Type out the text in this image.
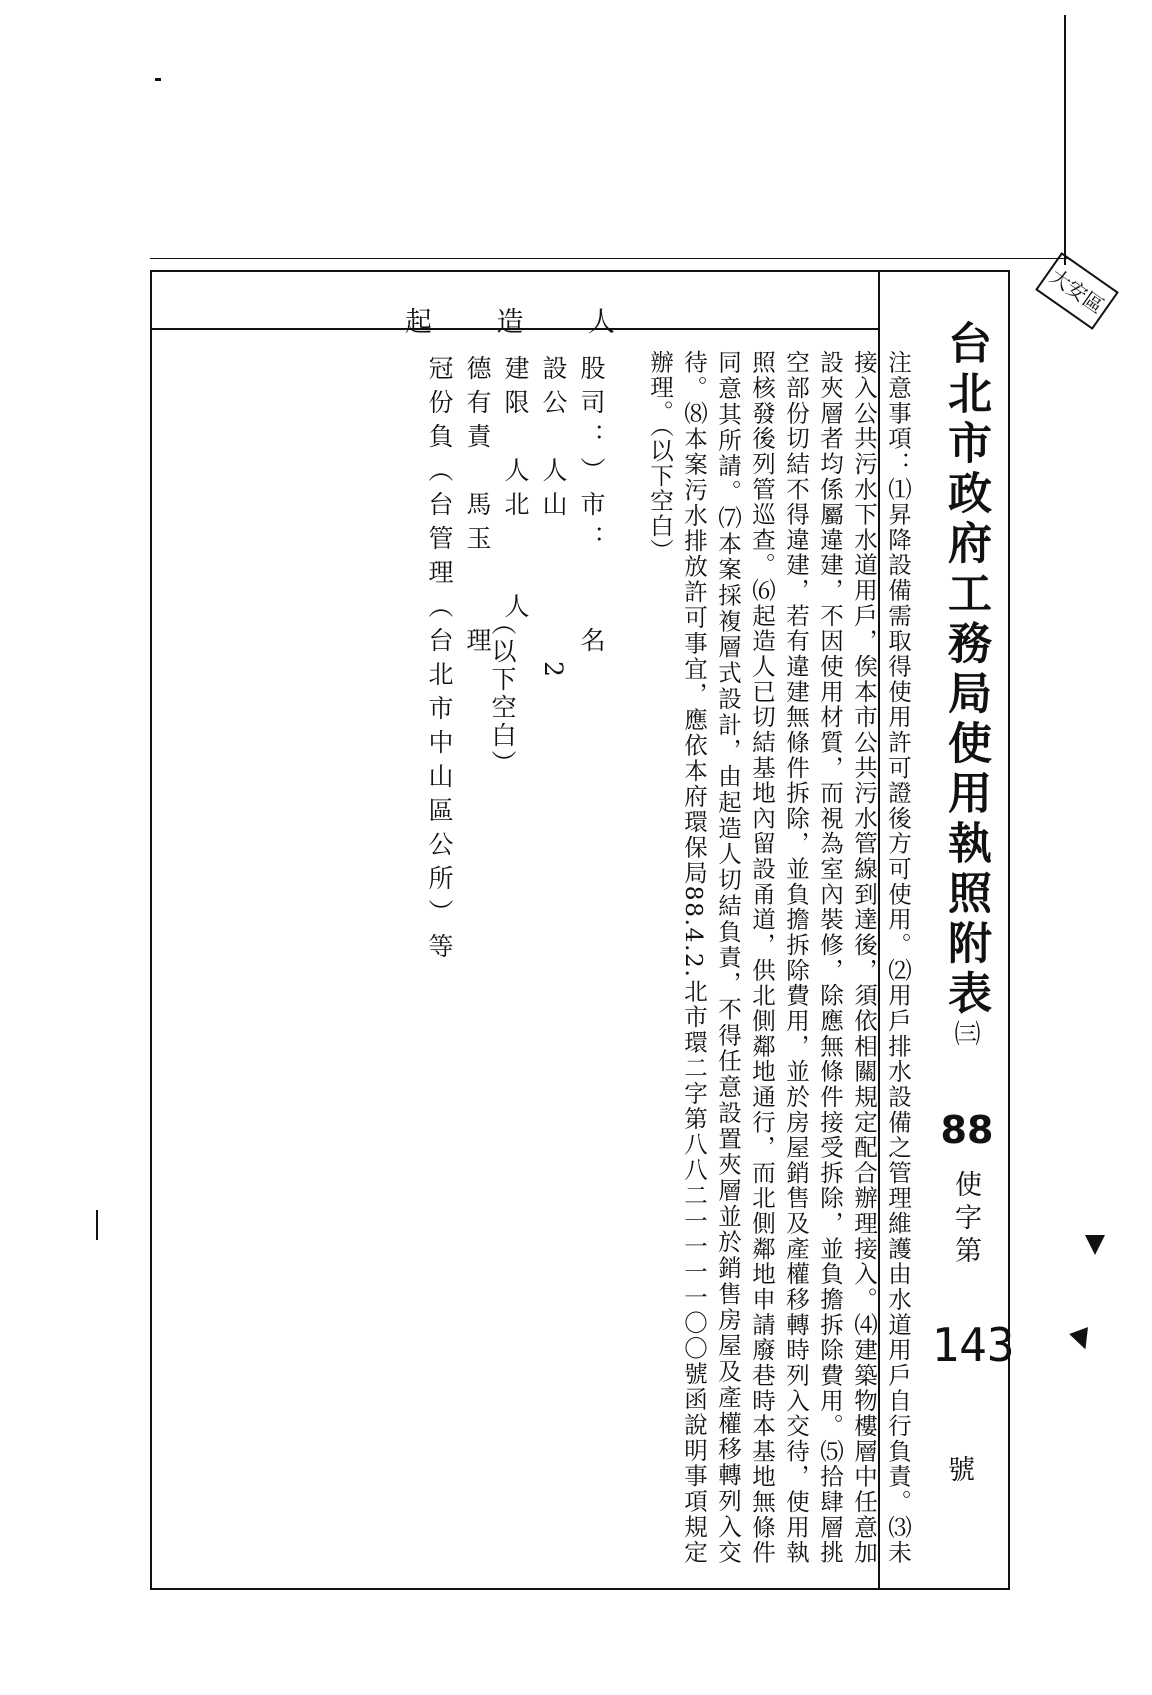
台北市政府工務局使用執照附表㈢
88
使字第
143
號
注意事項：⑴昇降設備需取得使用許可證後方可使用。⑵用戶排水設備之管理維護由水道用戶自行負責。⑶未接入公共污水下水道用戶，俟本市公共污水管線到達後，須依相關規定配合辦理接入。⑷建築物樓層中任意加設夾層者均係屬違建，不因使用材質，而視為室內裝修，除應無條件接受拆除，並負擔拆除費用。⑸拾肆層挑空部份切結不得違建，若有違建無條件拆除，並負擔拆除費用，並於房屋銷售及產權移轉時列入交待，使用執照核發後列管巡查。⑹起造人已切結基地內留設甬道，供北側鄰地通行，而北側鄰地申請廢巷時本基地無條件同意其所請。⑺本案採複層式設計，由起造人切結負責，不得任意設置夾層並於銷售房屋及產權移轉列入交待。⑻本案污水排放許可事宜，應依本府環保局88.4.2.北市環二字第八八二一一一一〇〇號函說明事項規定辦理。（以下空白）
起 造 人
股司：）市：　　名
設公　人山　　　　2
建限　人北　　人
德有責　馬玉　　理
冠份負（台管理（台北市中山區公所）等	（以下空白）
大安區
